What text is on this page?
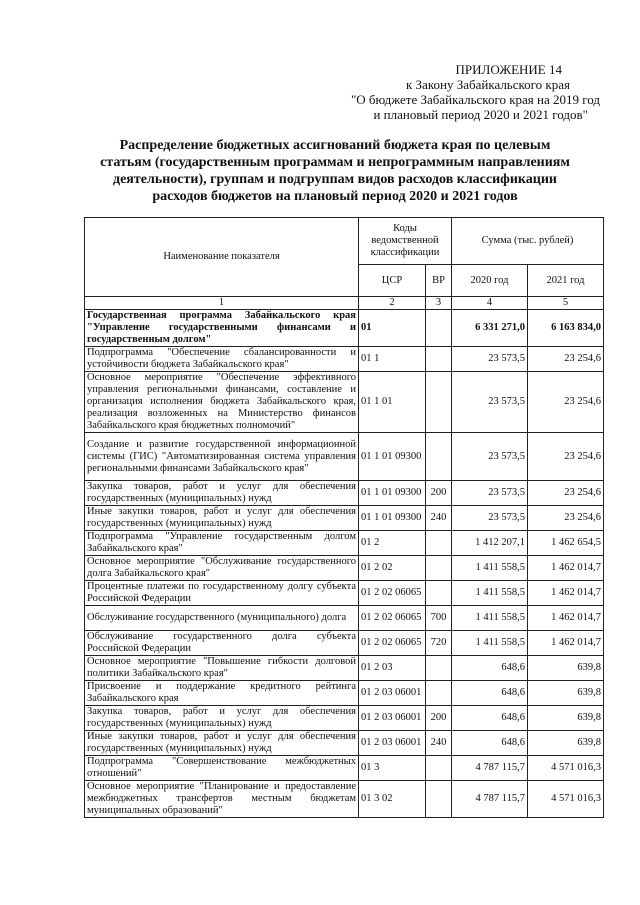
ПРИЛОЖЕНИЕ 14
к Закону Забайкальского края
"О бюджете Забайкальского края на 2019 год
и плановый период 2020 и 2021 годов"
Распределение бюджетных ассигнований бюджета края по целевым
статьям (государственным программам и непрограммным направлениям
деятельности), группам и подгруппам видов расходов классификации
расходов бюджетов на плановый период 2020 и 2021 годов
Наименование показателя	Коды ведомственной классификации		Сумма (тыс. рублей)	
	ЦСР	ВР	2020 год	2021 год
1	2	3	4	5
Государственная программа Забайкальского края "Управление государственными финансами и государственным долгом"	01		6 331 271,0	6 163 834,0
Подпрограмма "Обеспечение сбалансированности и устойчивости бюджета Забайкальского края"	01 1		23 573,5	23 254,6
Основное мероприятие "Обеспечение эффективного управления региональными финансами, составление и организация исполнения бюджета Забайкальского края, реализация возложенных на Министерство финансов Забайкальского края бюджетных полномочий"	01 1 01		23 573,5	23 254,6
Создание и развитие государственной информационной системы (ГИС) "Автоматизированная система управления региональными финансами Забайкальского края"	01 1 01 09300		23 573,5	23 254,6
Закупка товаров, работ и услуг для обеспечения государственных (муниципальных) нужд	01 1 01 09300	200	23 573,5	23 254,6
Иные закупки товаров, работ и услуг для обеспечения государственных (муниципальных) нужд	01 1 01 09300	240	23 573,5	23 254,6
Подпрограмма "Управление государственным долгом Забайкальского края"	01 2		1 412 207,1	1 462 654,5
Основное мероприятие "Обслуживание государственного долга Забайкальского края"	01 2 02		1 411 558,5	1 462 014,7
Процентные платежи по государственному долгу субъекта Российской Федерации	01 2 02 06065		1 411 558,5	1 462 014,7
Обслуживание государственного (муниципального) долга	01 2 02 06065	700	1 411 558,5	1 462 014,7
Обслуживание государственного долга субъекта Российской Федерации	01 2 02 06065	720	1 411 558,5	1 462 014,7
Основное мероприятие "Повышение гибкости долговой политики Забайкальского края"	01 2 03		648,6	639,8
Присвоение и поддержание кредитного рейтинга Забайкальского края	01 2 03 06001		648,6	639,8
Закупка товаров, работ и услуг для обеспечения государственных (муниципальных) нужд	01 2 03 06001	200	648,6	639,8
Иные закупки товаров, работ и услуг для обеспечения государственных (муниципальных) нужд	01 2 03 06001	240	648,6	639,8
Подпрограмма "Совершенствование межбюджетных отношений"	01 3		4 787 115,7	4 571 016,3
Основное мероприятие "Планирование и предоставление межбюджетных трансфертов местным бюджетам муниципальных образований"	01 3 02		4 787 115,7	4 571 016,3
